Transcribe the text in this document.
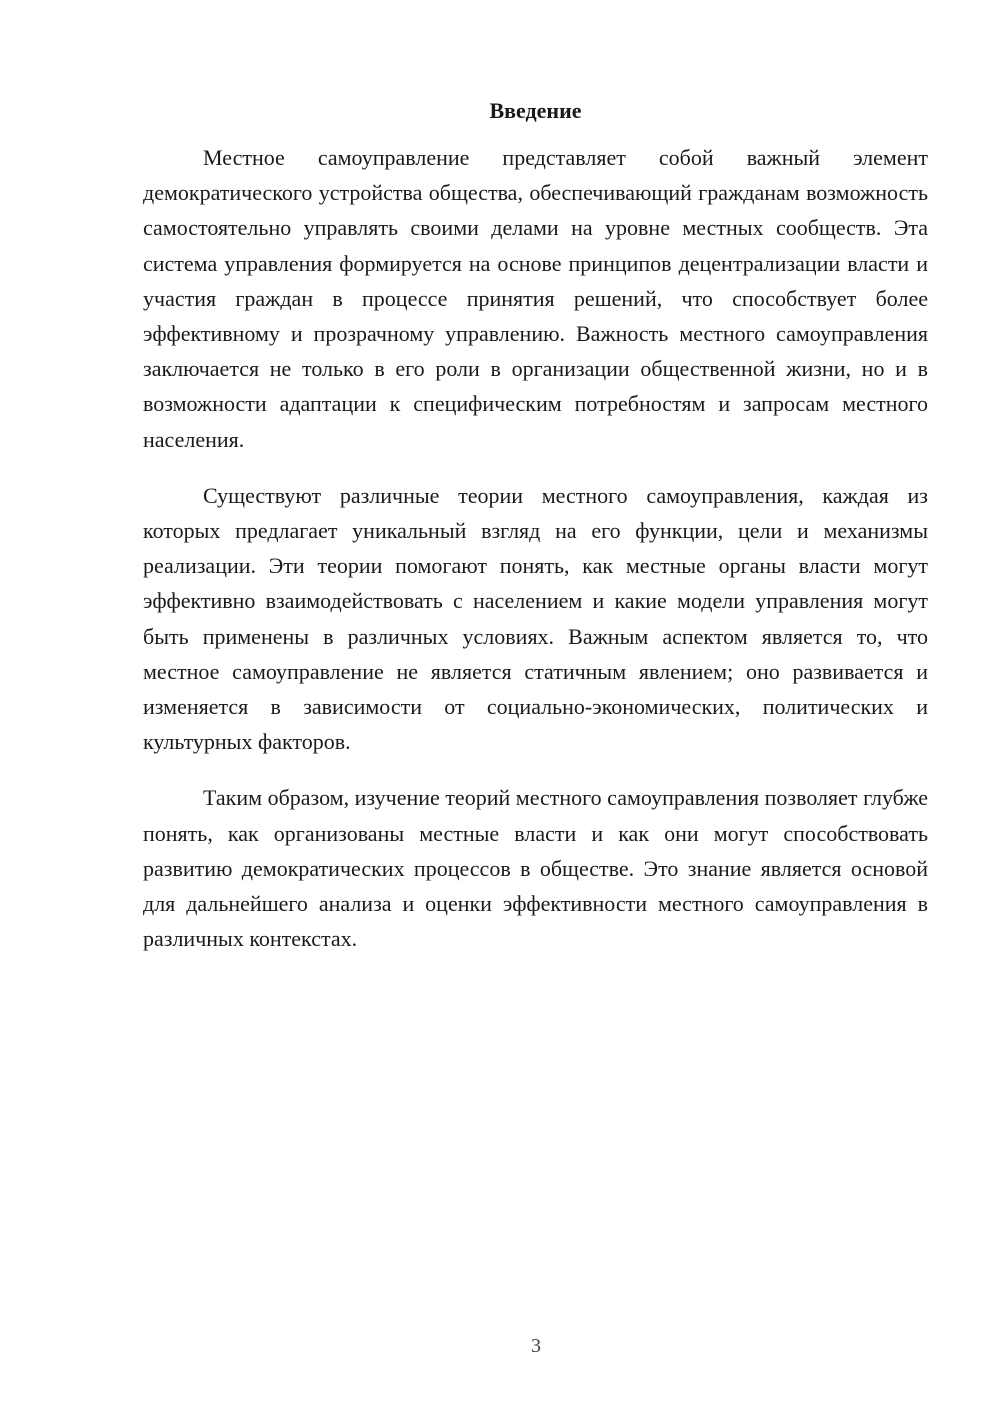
Введение

Местное самоуправление представляет собой важный элемент демократического устройства общества, обеспечивающий гражданам возможность самостоятельно управлять своими делами на уровне местных сообществ. Эта система управления формируется на основе принципов децентрализации власти и участия граждан в процессе принятия решений, что способствует более эффективному и прозрачному управлению. Важность местного самоуправления заключается не только в его роли в организации общественной жизни, но и в возможности адаптации к специфическим потребностям и запросам местного населения.

Существуют различные теории местного самоуправления, каждая из которых предлагает уникальный взгляд на его функции, цели и механизмы реализации. Эти теории помогают понять, как местные органы власти могут эффективно взаимодействовать с населением и какие модели управления могут быть применены в различных условиях. Важным аспектом является то, что местное самоуправление не является статичным явлением; оно развивается и изменяется в зависимости от социально-экономических, политических и культурных факторов.

Таким образом, изучение теорий местного самоуправления позволяет глубже понять, как организованы местные власти и как они могут способствовать развитию демократических процессов в обществе. Это знание является основой для дальнейшего анализа и оценки эффективности местного самоуправления в различных контекстах.

3
